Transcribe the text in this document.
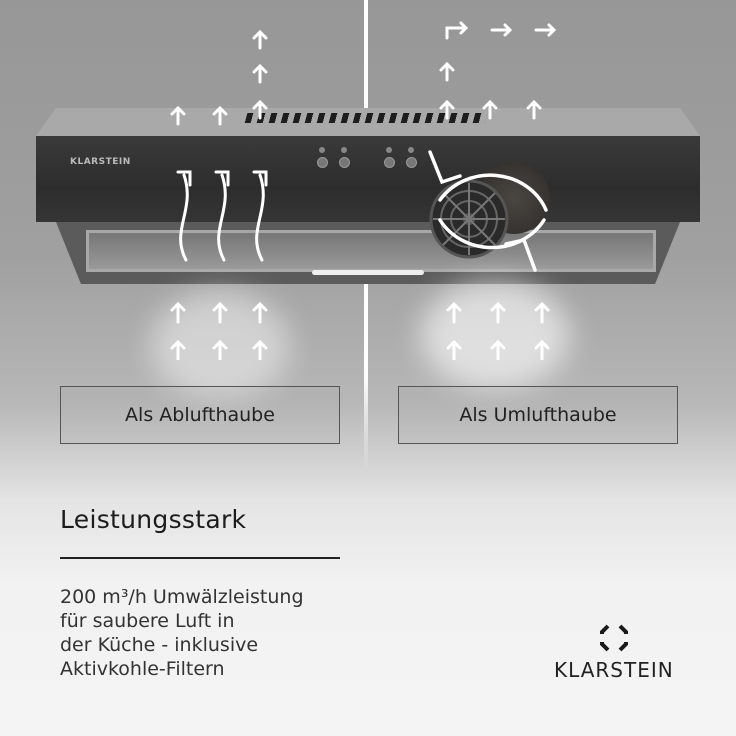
KLARSTEIN
Als Ablufthaube	Als Umlufthaube
Leistungsstark
200 m³/h Umwälzleistung
für saubere Luft in
der Küche - inklusive
Aktivkohle-Filtern	KLARSTEIN
